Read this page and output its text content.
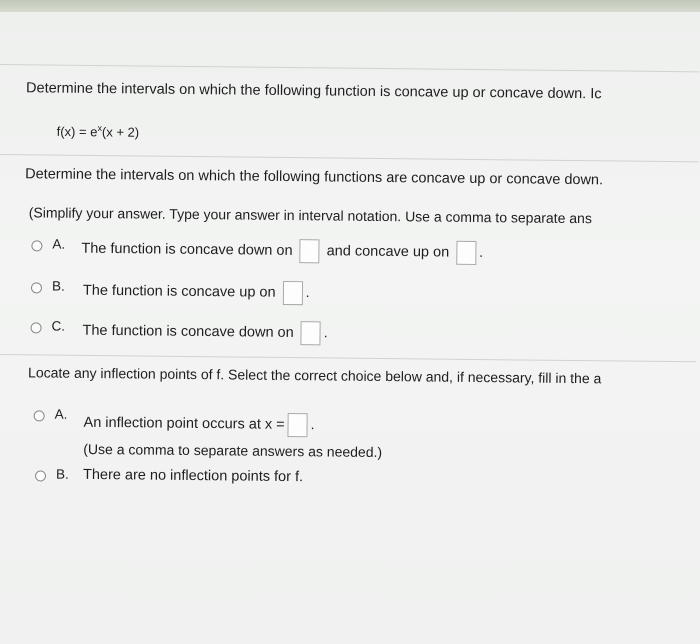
Determine the intervals on which the following function is concave up or concave down. Ic
$f(x) = e^x(x + 2)$
Determine the intervals on which the following functions are concave up or concave down.
(Simplify your answer. Type your answer in interval notation. Use a comma to separate ans
A. The function is concave down on and concave up on .
B. The function is concave up on .
C. The function is concave down on .
Locate any inflection points of f. Select the correct choice below and, if necessary, fill in the a
A.
An inflection point occurs at x = .
(Use a comma to separate answers as needed.)
B. There are no inflection points for f.
